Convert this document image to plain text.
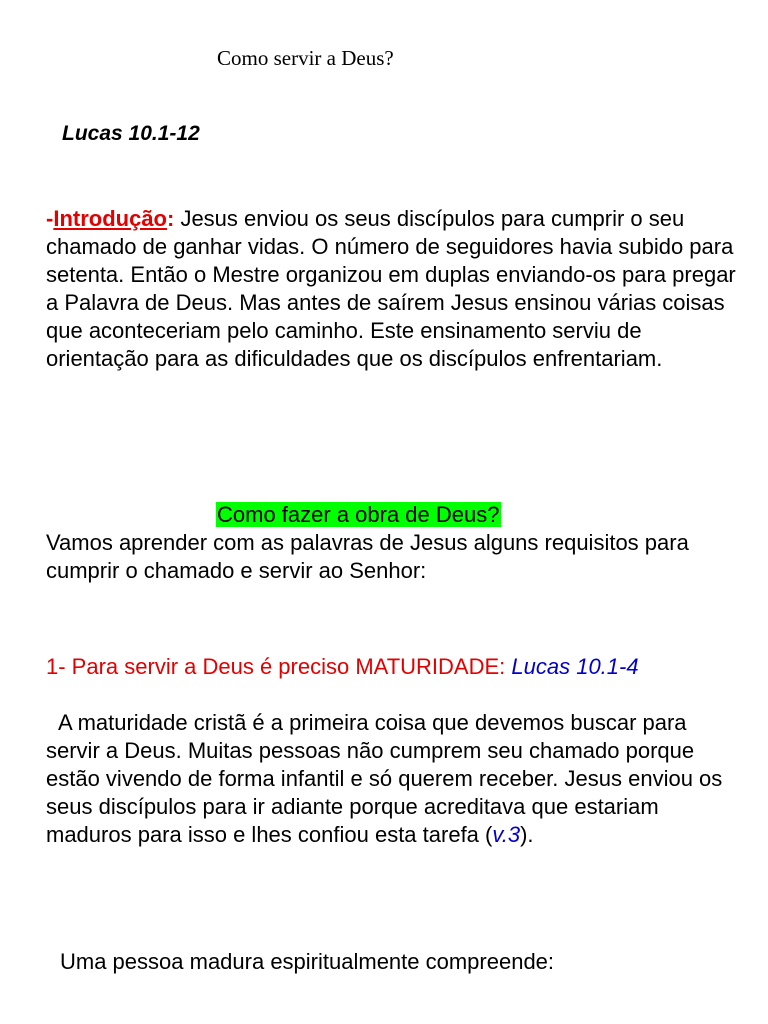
Como servir a Deus?
Lucas 10.1-12
-Introdução: Jesus enviou os seus discípulos para cumprir o seu chamado de ganhar vidas. O número de seguidores havia subido para setenta. Então o Mestre organizou em duplas enviando-os para pregar a Palavra de Deus. Mas antes de saírem Jesus ensinou várias coisas que aconteceriam pelo caminho. Este ensinamento serviu de orientação para as dificuldades que os discípulos enfrentariam.
Como fazer a obra de Deus?
Vamos aprender com as palavras de Jesus alguns requisitos para cumprir o chamado e servir ao Senhor:
1- Para servir a Deus é preciso MATURIDADE: Lucas 10.1-4
A maturidade cristã é a primeira coisa que devemos buscar para servir a Deus. Muitas pessoas não cumprem seu chamado porque estão vivendo de forma infantil e só querem receber. Jesus enviou os seus discípulos para ir adiante porque acreditava que estariam maduros para isso e lhes confiou esta tarefa (v.3).
Uma pessoa madura espiritualmente compreende:
